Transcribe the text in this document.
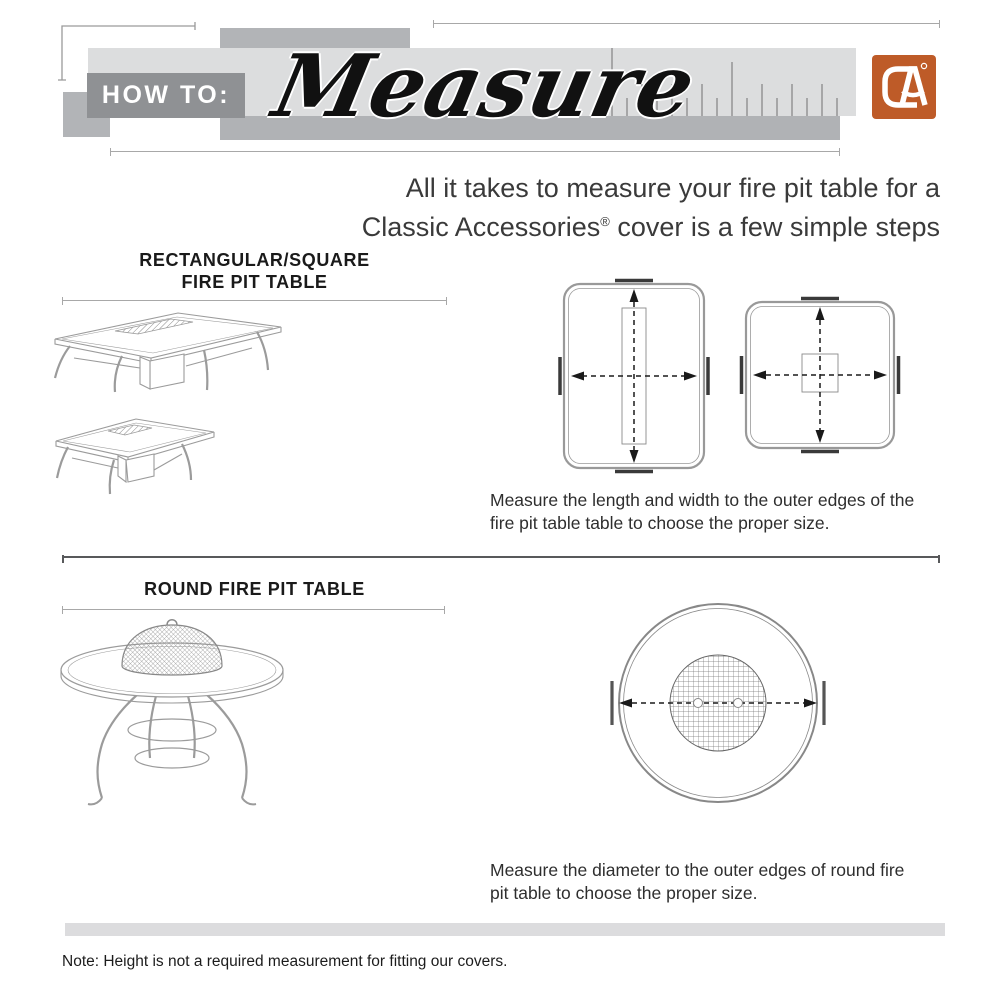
HOW TO: Measure
All it takes to measure your fire pit table for a
Classic Accessories® cover is a few simple steps
RECTANGULAR/SQUARE
FIRE PIT TABLE
Measure the length and width to the outer edges of the
fire pit table table to choose the proper size.
ROUND FIRE PIT TABLE
Measure the diameter to the outer edges of round fire
pit table to choose the proper size.
Note: Height is not a required measurement for fitting our covers.
